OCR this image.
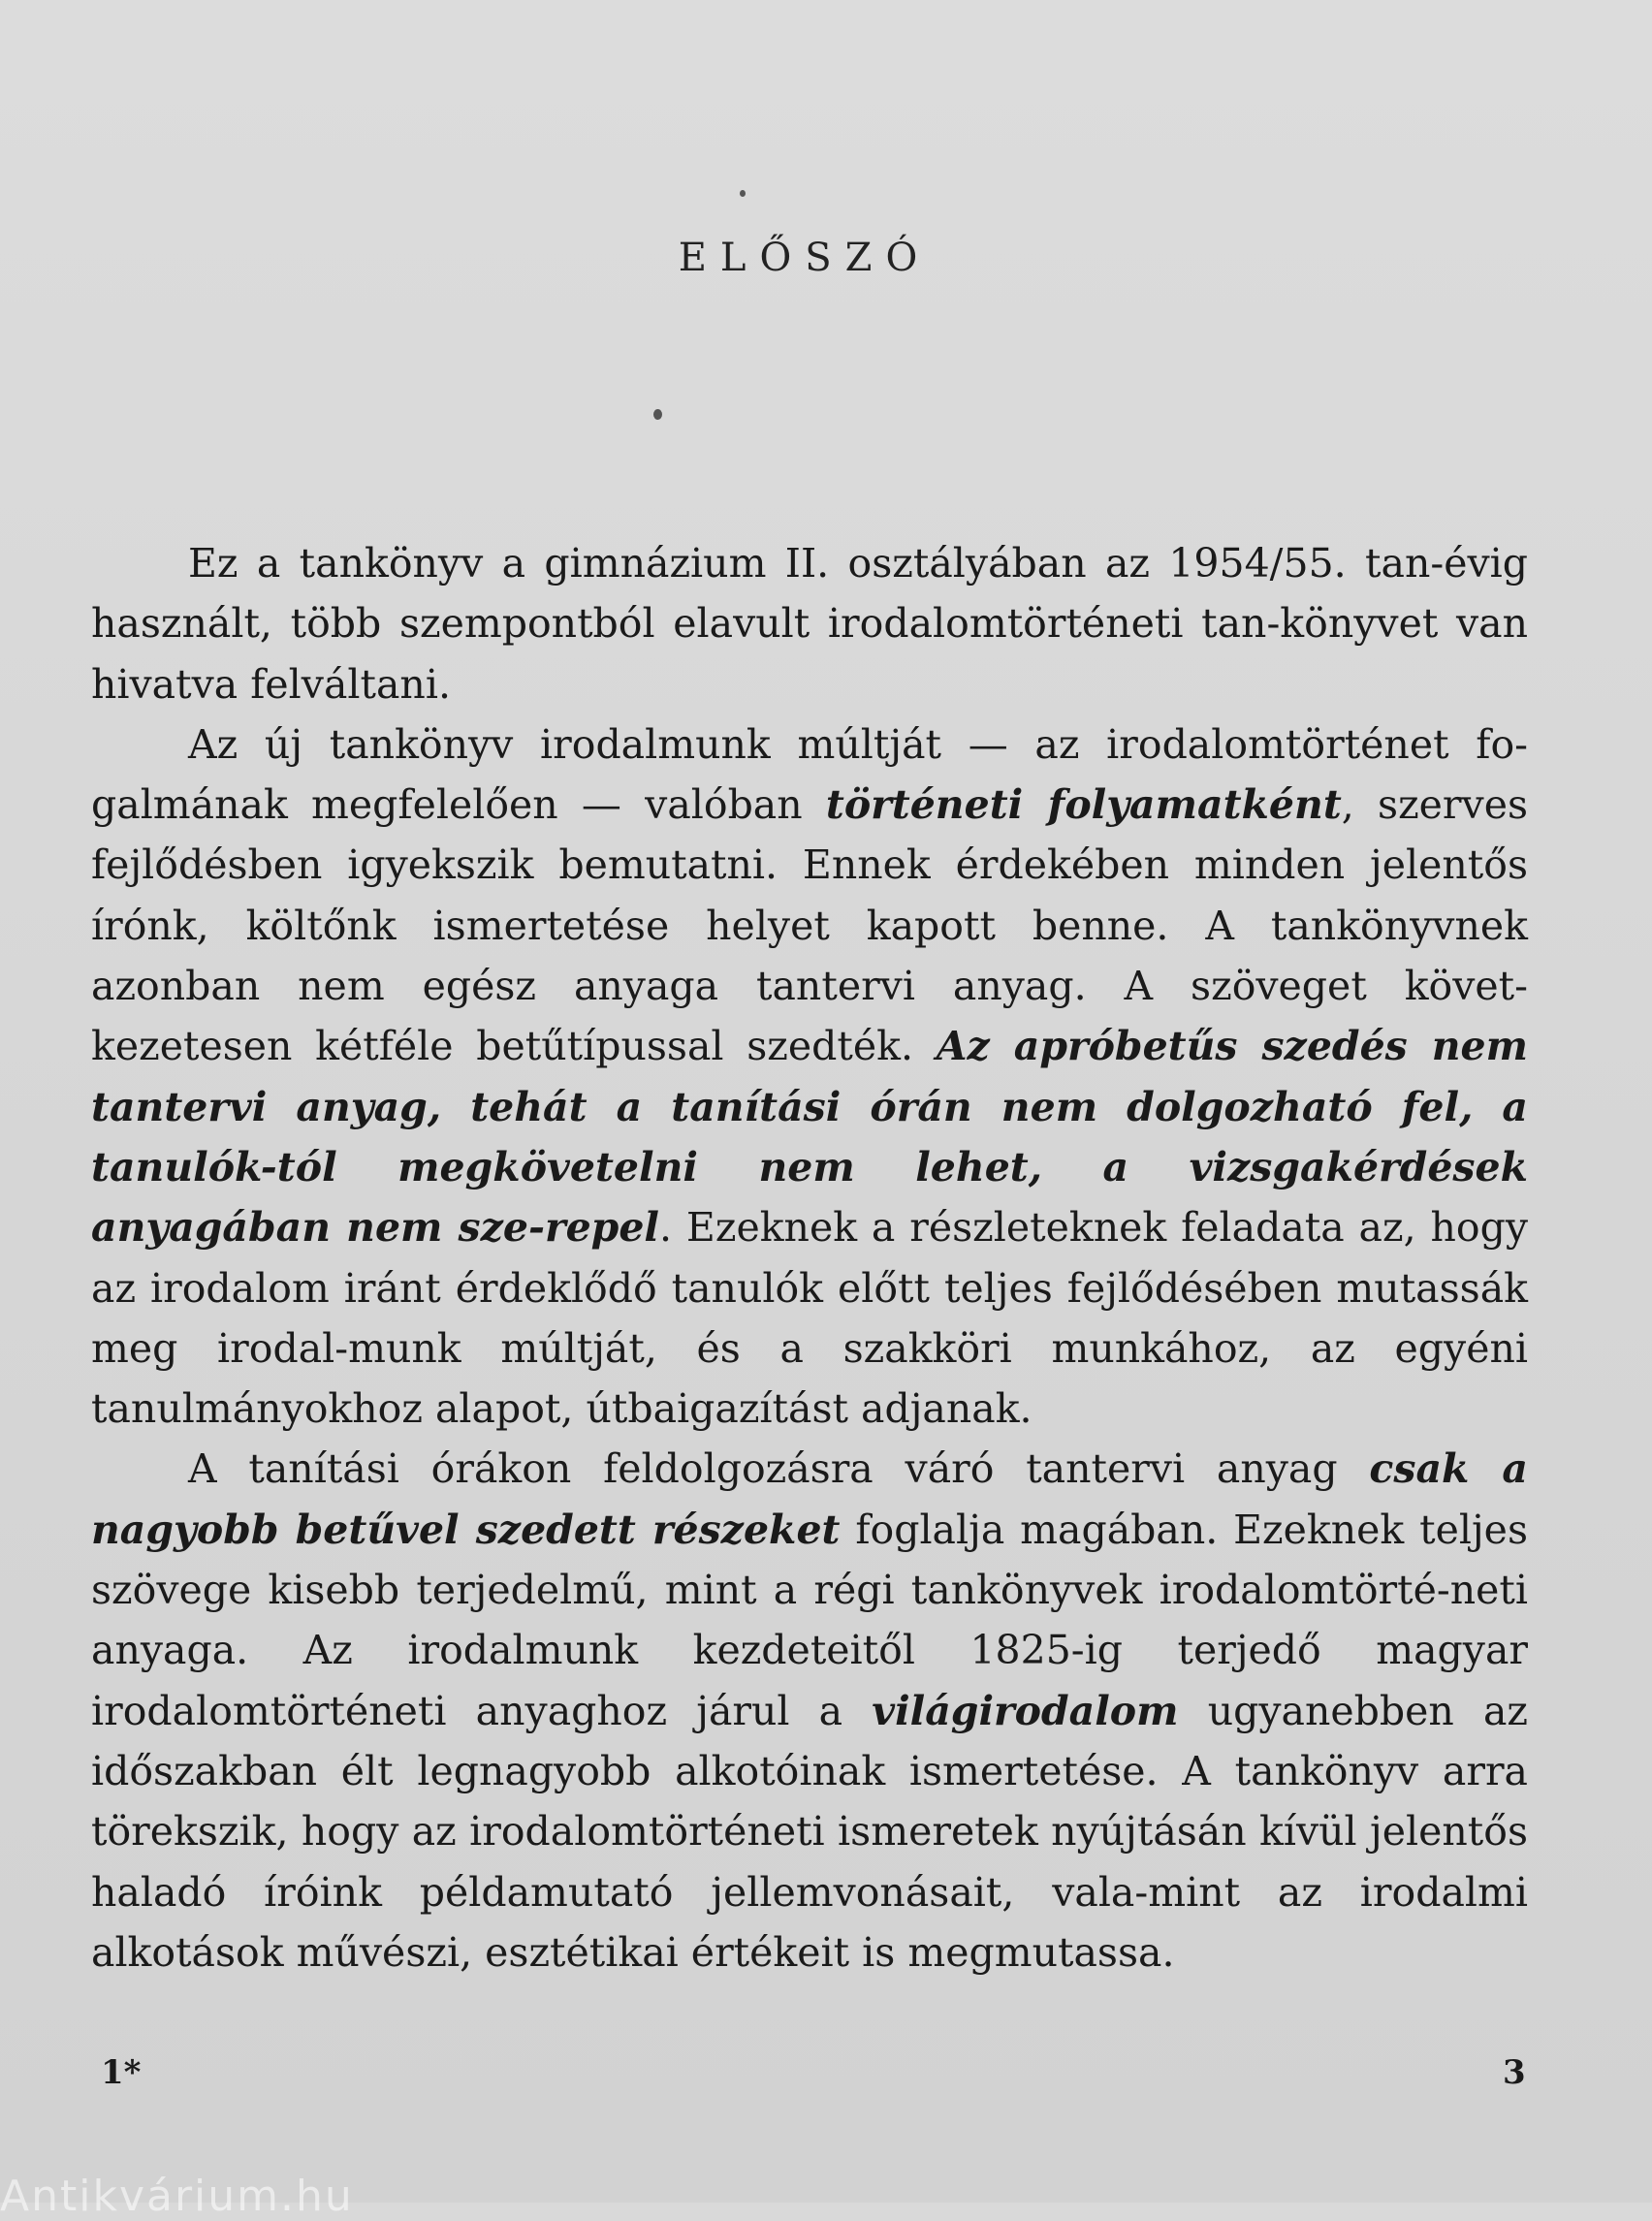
ELŐSZÓ

Ez a tankönyv a gimnázium II. osztályában az 1954/55. tan-évig használt, több szempontból elavult irodalomtörténeti tan-könyvet van hivatva felváltani.

Az új tankönyv irodalmunk múltját — az irodalomtörténet fo-galmának megfelelően — valóban történeti folyamatként, szerves fejlődésben igyekszik bemutatni. Ennek érdekében minden jelentős írónk, költőnk ismertetése helyet kapott benne. A tankönyvnek azonban nem egész anyaga tantervi anyag. A szöveget követ-kezetesen kétféle betűtípussal szedték. Az apróbetűs szedés nem tantervi anyag, tehát a tanítási órán nem dolgozható fel, a tanulók-tól megkövetelni nem lehet, a vizsgakérdések anyagában nem sze-repel. Ezeknek a részleteknek feladata az, hogy az irodalom iránt érdeklődő tanulók előtt teljes fejlődésében mutassák meg irodal-munk múltját, és a szakköri munkához, az egyéni tanulmányokhoz alapot, útbaigazítást adjanak.

A tanítási órákon feldolgozásra váró tantervi anyag csak a nagyobb betűvel szedett részeket foglalja magában. Ezeknek teljes szövege kisebb terjedelmű, mint a régi tankönyvek irodalomtörté-neti anyaga. Az irodalmunk kezdeteitől 1825-ig terjedő magyar irodalomtörténeti anyaghoz járul a világirodalom ugyanebben az időszakban élt legnagyobb alkotóinak ismertetése. A tankönyv arra törekszik, hogy az irodalomtörténeti ismeretek nyújtásán kívül jelentős haladó íróink példamutató jellemvonásait, vala-mint az irodalmi alkotások művészi, esztétikai értékeit is megmutassa.

1*	3
Antikvárium.hu
